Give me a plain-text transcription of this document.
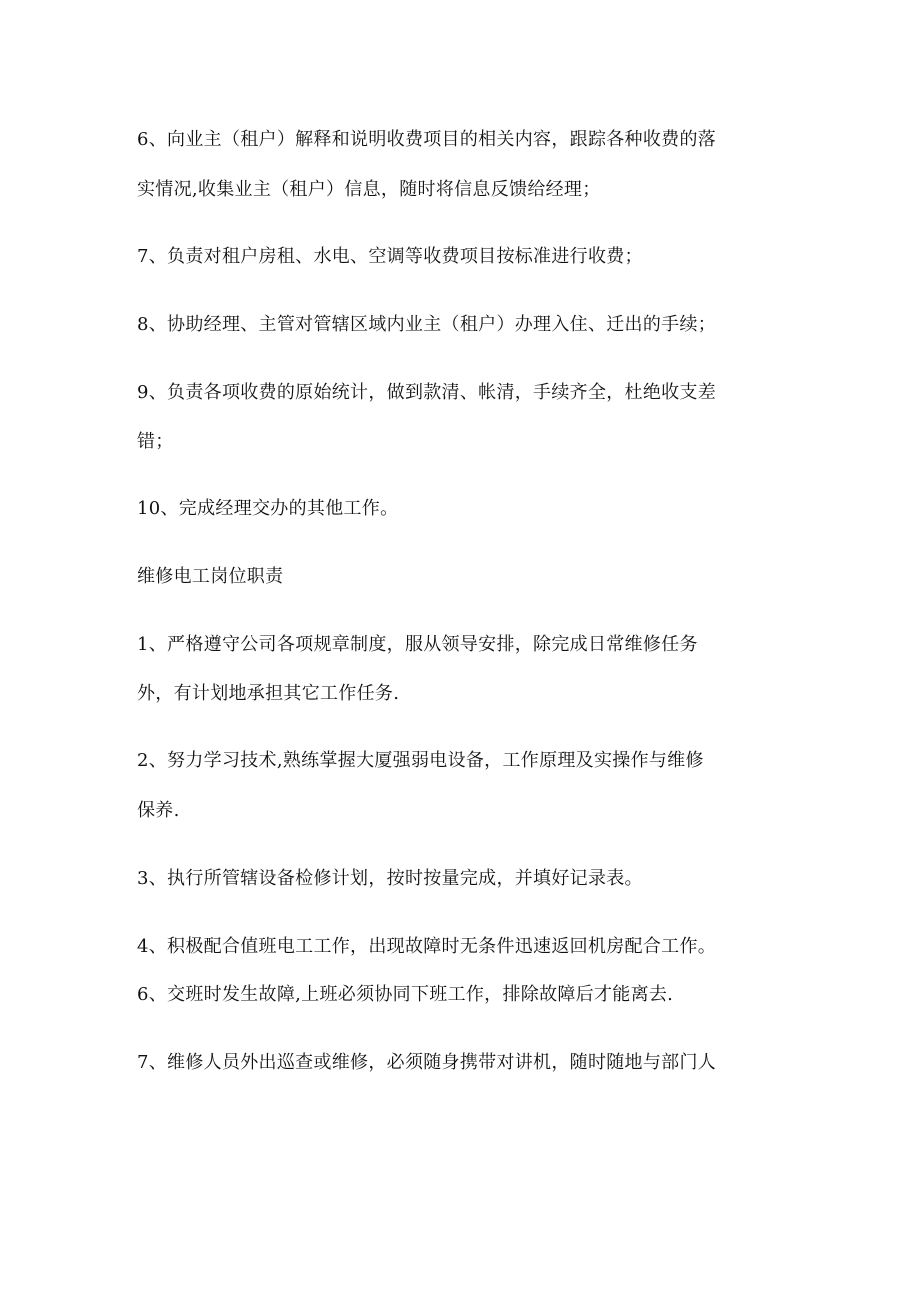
6、向业主（租户）解释和说明收费项目的相关内容，跟踪各种收费的落
实情况,收集业主（租户）信息，随时将信息反馈给经理；
7、负责对租户房租、水电、空调等收费项目按标准进行收费；
8、协助经理、主管对管辖区域内业主（租户）办理入住、迁出的手续；
9、负责各项收费的原始统计，做到款清、帐清，手续齐全，杜绝收支差
错；
10、完成经理交办的其他工作。
维修电工岗位职责
1、严格遵守公司各项规章制度，服从领导安排，除完成日常维修任务
外，有计划地承担其它工作任务.
2、努力学习技术,熟练掌握大厦强弱电设备，工作原理及实操作与维修
保养.
3、执行所管辖设备检修计划，按时按量完成，并填好记录表。
4、积极配合值班电工工作，出现故障时无条件迅速返回机房配合工作。
6、交班时发生故障,上班必须协同下班工作，排除故障后才能离去.
7、维修人员外出巡查或维修，必须随身携带对讲机，随时随地与部门人
